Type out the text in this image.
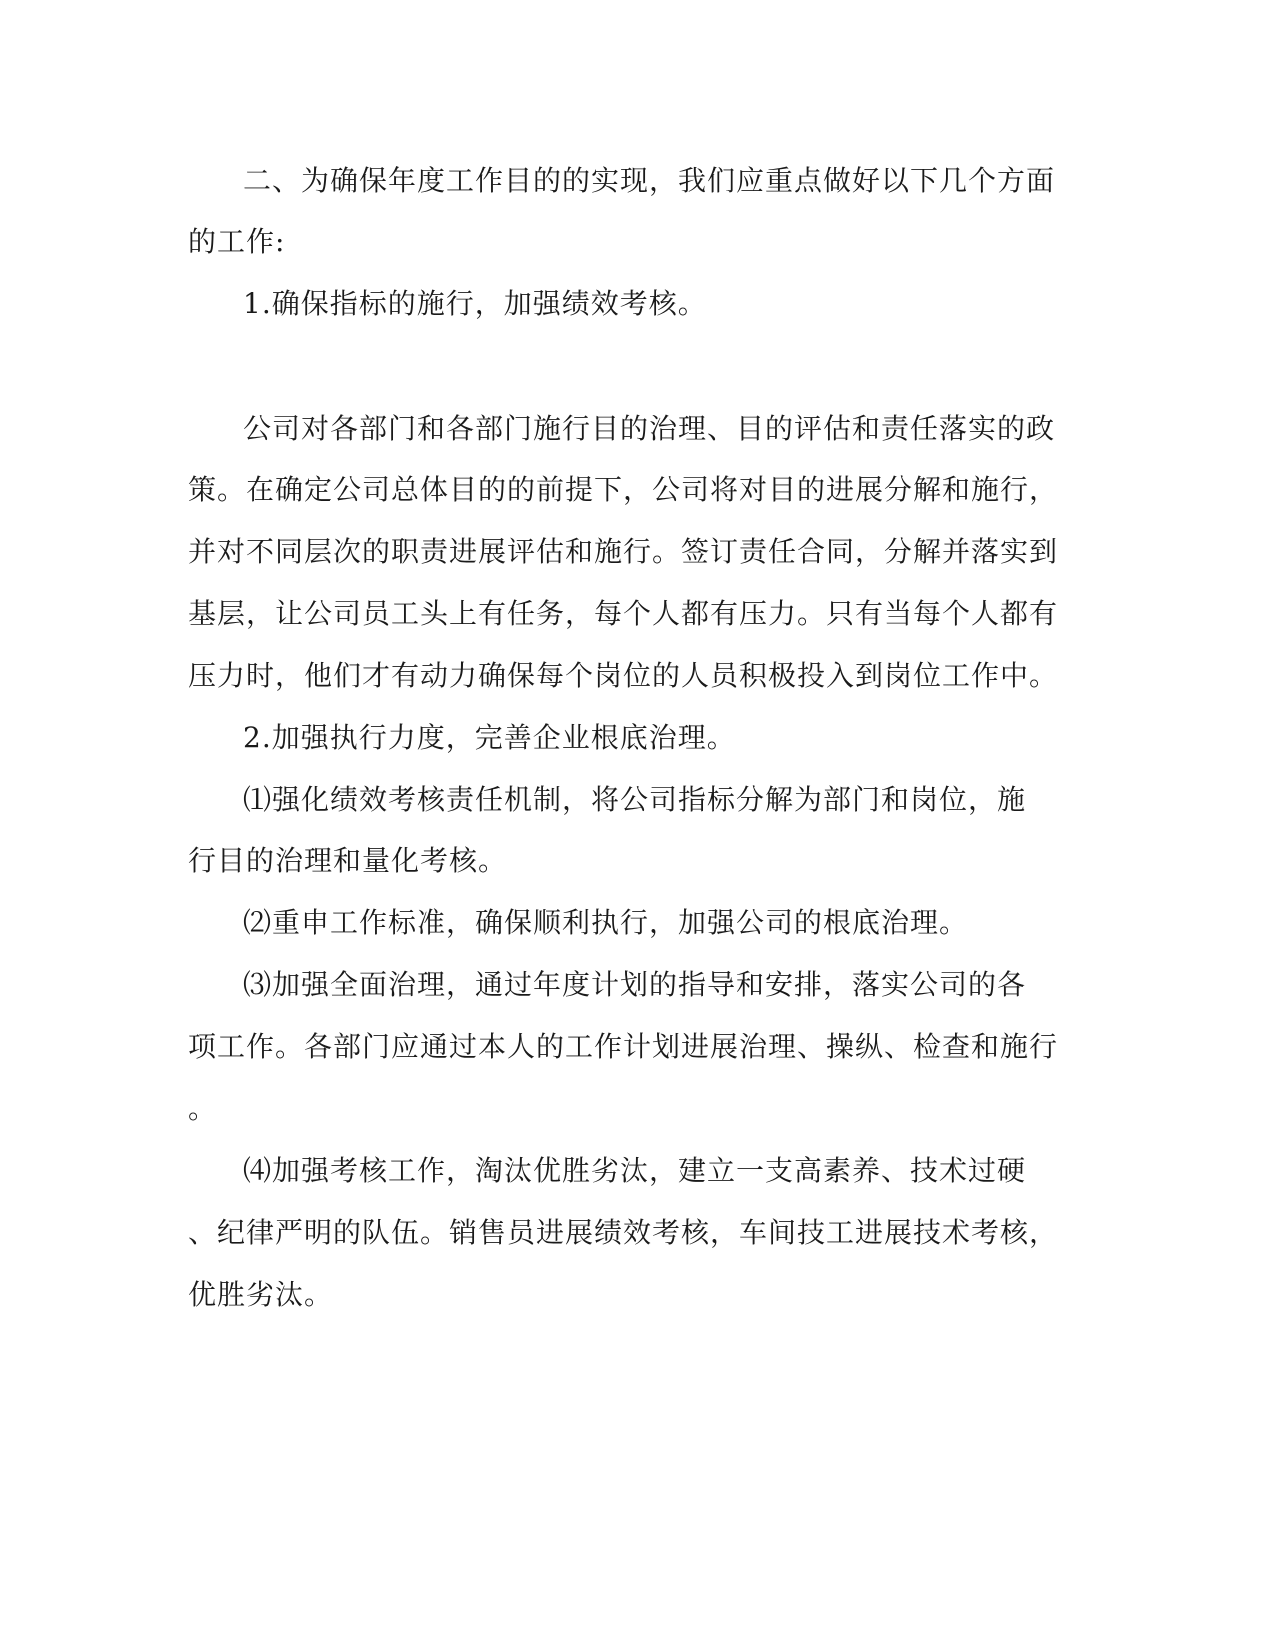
二、为确保年度工作目的的实现，我们应重点做好以下几个方面
的工作:
1.确保指标的施行，加强绩效考核。
公司对各部门和各部门施行目的治理、目的评估和责任落实的政
策。在确定公司总体目的的前提下，公司将对目的进展分解和施行，
并对不同层次的职责进展评估和施行。签订责任合同，分解并落实到
基层，让公司员工头上有任务，每个人都有压力。只有当每个人都有
压力时，他们才有动力确保每个岗位的人员积极投入到岗位工作中。
2.加强执行力度，完善企业根底治理。
⑴强化绩效考核责任机制，将公司指标分解为部门和岗位，施
行目的治理和量化考核。
⑵重申工作标准，确保顺利执行，加强公司的根底治理。
⑶加强全面治理，通过年度计划的指导和安排，落实公司的各
项工作。各部门应通过本人的工作计划进展治理、操纵、检查和施行
。
⑷加强考核工作，淘汰优胜劣汰，建立一支高素养、技术过硬
、纪律严明的队伍。销售员进展绩效考核，车间技工进展技术考核，
优胜劣汰。
